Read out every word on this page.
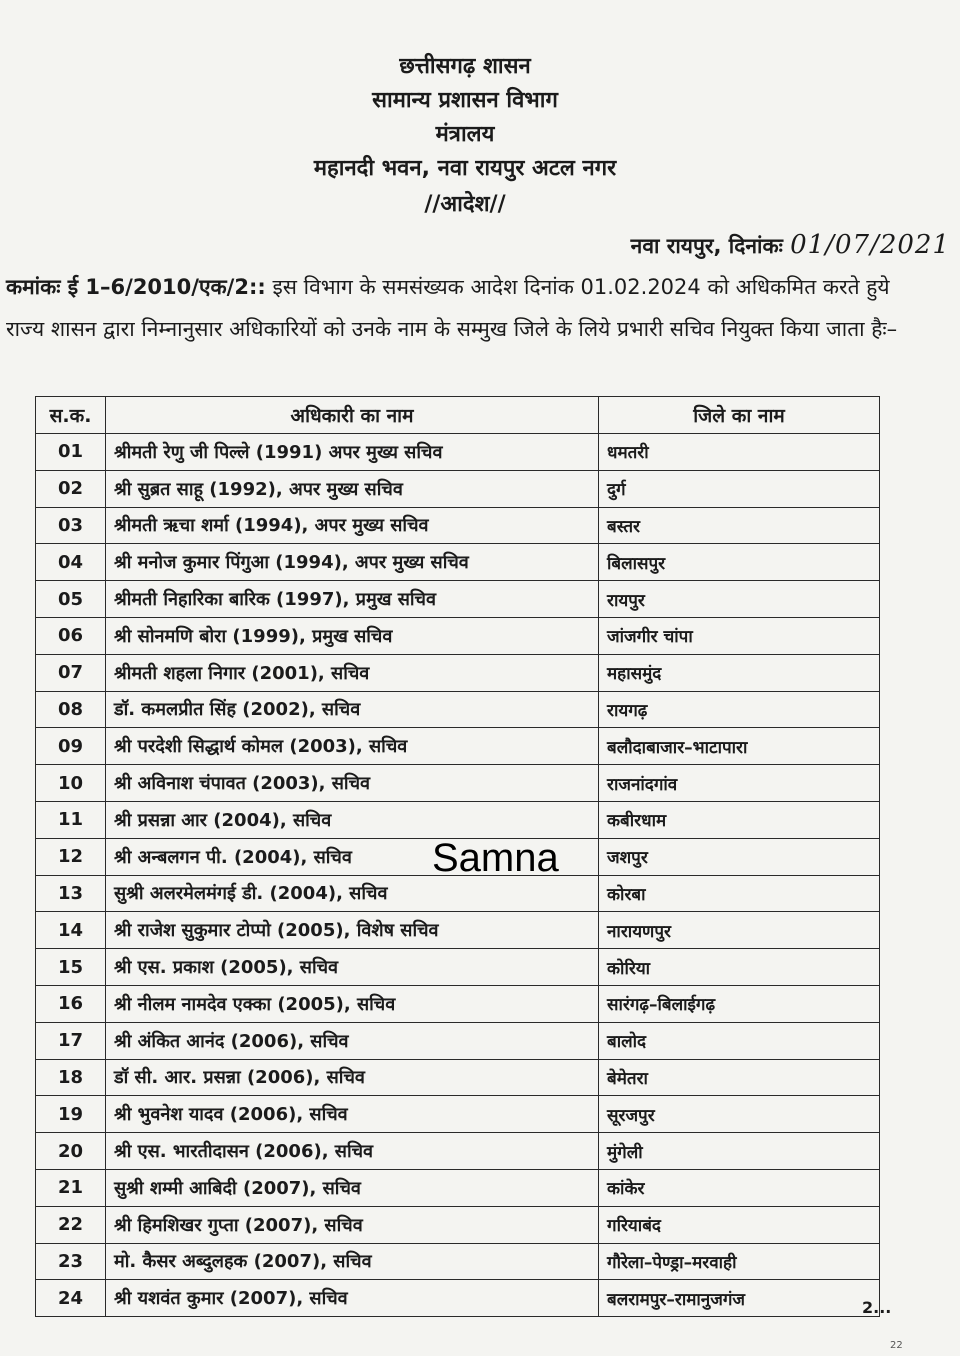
छत्तीसगढ़ शासन
सामान्य प्रशासन विभाग
मंत्रालय
महानदी भवन, नवा रायपुर अटल नगर
//आदेश//
नवा रायपुर, दिनांकः 01/07/2021
कमांकः ई 1–6/2010/एक/2:: इस विभाग के समसंख्यक आदेश दिनांक 01.02.2024 को अधिकमित करते हुये राज्य शासन द्वारा निम्नानुसार अधिकारियों को उनके नाम के सम्मुख जिले के लिये प्रभारी सचिव नियुक्त किया जाता हैः–
स.क.	अधिकारी का नाम	जिले का नाम
01	श्रीमती रेणु जी पिल्ले (1991) अपर मुख्य सचिव	धमतरी
02	श्री सुब्रत साहू (1992), अपर मुख्य सचिव	दुर्ग
03	श्रीमती ऋचा शर्मा (1994), अपर मुख्य सचिव	बस्तर
04	श्री मनोज कुमार पिंगुआ (1994), अपर मुख्य सचिव	बिलासपुर
05	श्रीमती निहारिका बारिक (1997), प्रमुख सचिव	रायपुर
06	श्री सोनमणि बोरा (1999), प्रमुख सचिव	जांजगीर चांपा
07	श्रीमती शहला निगार (2001), सचिव	महासमुंद
08	डॉ. कमलप्रीत सिंह (2002), सचिव	रायगढ़
09	श्री परदेशी सिद्धार्थ कोमल (2003), सचिव	बलौदाबाजार–भाटापारा
10	श्री अविनाश चंपावत (2003), सचिव	राजनांदगांव
11	श्री प्रसन्ना आर (2004), सचिव	कबीरधाम
12	श्री अन्बलगन पी. (2004), सचिव	जशपुर
13	सुश्री अलरमेलमंगई डी. (2004), सचिव	कोरबा
14	श्री राजेश सुकुमार टोप्पो (2005), विशेष सचिव	नारायणपुर
15	श्री एस. प्रकाश (2005), सचिव	कोरिया
16	श्री नीलम नामदेव एक्का (2005), सचिव	सारंगढ़–बिलाईगढ़
17	श्री अंकित आनंद (2006), सचिव	बालोद
18	डॉ सी. आर. प्रसन्ना (2006), सचिव	बेमेतरा
19	श्री भुवनेश यादव (2006), सचिव	सूरजपुर
20	श्री एस. भारतीदासन (2006), सचिव	मुंगेली
21	सुश्री शम्मी आबिदी (2007), सचिव	कांकेर
22	श्री हिमशिखर गुप्ता (2007), सचिव	गरियाबंद
23	मो. कैसर अब्दुलहक (2007), सचिव	गौरेला–पेण्ड्रा–मरवाही
24	श्री यशवंत कुमार (2007), सचिव	बलरामपुर–रामानुजगंज
Samna
2...
22
